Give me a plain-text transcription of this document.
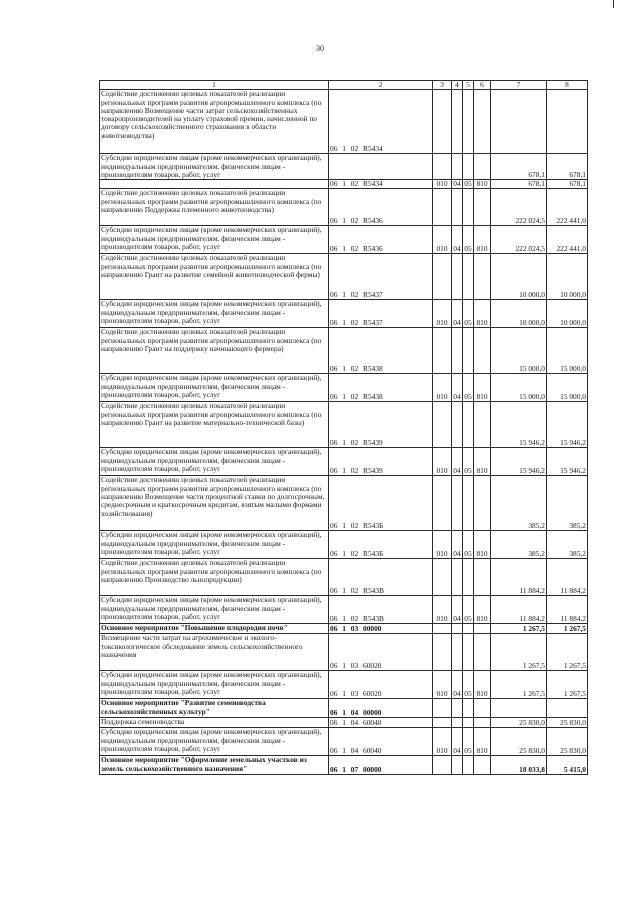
30
1	2	3	4	5	6	7	8
Содействие достижению целевых показателей реализации региональных программ развития агропромышленного комплекса (по направлению Возмещение части затрат сельскохозяйственных товаропроизводителей на уплату страховой премии, начисленной по договору сельскохозяйственного страхования в области животноводства)	06 1 02 R5434						
Субсидии юридическим лицам (кроме некоммерческих организаций), индивидуальным предпринимателям, физическим лицам - производителям товаров, работ, услуг						678,1	678,1
	06 1 02 R5434	010	04	05	810	678,1	678,1
Содействие достижению целевых показателей реализации региональных программ развития агропромышленного комплекса (по направлению Поддержка племенного животноводства)	06 1 02 R5436					222 024,5	222 441,0
Субсидии юридическим лицам (кроме некоммерческих организаций), индивидуальным предпринимателям, физическим лицам - производителям товаров, работ, услуг	06 1 02 R5436	010	04	05	810	222 024,5	222 441,0
Содействие достижению целевых показателей реализации региональных программ развития агропромышленного комплекса (по направлению Грант на развитие семейной животноводческой фермы)	06 1 02 R5437					10 000,0	10 000,0
Субсидии юридическим лицам (кроме некоммерческих организаций), индивидуальным предпринимателям, физическим лицам - производителям товаров, работ, услуг	06 1 02 R5437	010	04	05	810	10 000,0	10 000,0
Содействие достижению целевых показателей реализации региональных программ развития агропромышленного комплекса (по направлению Грант на поддержку начинающего фермера)	06 1 02 R5438					15 000,0	15 000,0
Субсидии юридическим лицам (кроме некоммерческих организаций), индивидуальным предпринимателям, физическим лицам - производителям товаров, работ, услуг	06 1 02 R5438	010	04	05	810	15 000,0	15 000,0
Содействие достижению целевых показателей реализации региональных программ развития агропромышленного комплекса (по направлению Грант на развитие материально-технической базы)	06 1 02 R5439					15 946,2	15 946,2
Субсидии юридическим лицам (кроме некоммерческих организаций), индивидуальным предпринимателям, физическим лицам - производителям товаров, работ, услуг	06 1 02 R5439	010	04	05	810	15 946,2	15 946,2
Содействие достижению целевых показателей реализации региональных программ развития агропромышленного комплекса (по направлению Возмещение части процентной ставки по долгосрочным, среднесрочным и краткосрочным кредитам, взятым малыми формами хозяйствования)	06 1 02 R543Б					385,2	385,2
Субсидии юридическим лицам (кроме некоммерческих организаций), индивидуальным предпринимателям, физическим лицам - производителям товаров, работ, услуг	06 1 02 R543Б	010	04	05	810	385,2	385,2
Содействие достижению целевых показателей реализации региональных программ развития агропромышленного комплекса (по направлению Производство льнопродукции)	06 1 02 R543В					11 884,2	11 884,2
Субсидии юридическим лицам (кроме некоммерческих организаций), индивидуальным предпринимателям, физическим лицам - производителям товаров, работ, услуг	06 1 02 R543В	010	04	05	810	11 884,2	11 884,2
Основное мероприятие "Повышение плодородия почв"	06 1 03 00000					1 267,5	1 267,5
Возмещение части затрат на агрохимическое и эколого-токсикологическое обследование земель сельскохозяйственного назначения	06 1 03 60020					1 267,5	1 267,5
Субсидии юридическим лицам (кроме некоммерческих организаций), индивидуальным предпринимателям, физическим лицам - производителям товаров, работ, услуг	06 1 03 60020	010	04	05	810	1 267,5	1 267,5
Основное мероприятие "Развитие семеноводства сельскохозяйственных культур"	06 1 04 00000						
Поддержка семеноводства	06 1 04 60040					25 830,0	25 830,0
Субсидии юридическим лицам (кроме некоммерческих организаций), индивидуальным предпринимателям, физическим лицам - производителям товаров, работ, услуг	06 1 04 60040	010	04	05	810	25 830,0	25 830,0
Основное мероприятие "Оформление земельных участков из земель сельскохозяйственного назначения"	06 1 07 00000					18 033,8	5 415,0
